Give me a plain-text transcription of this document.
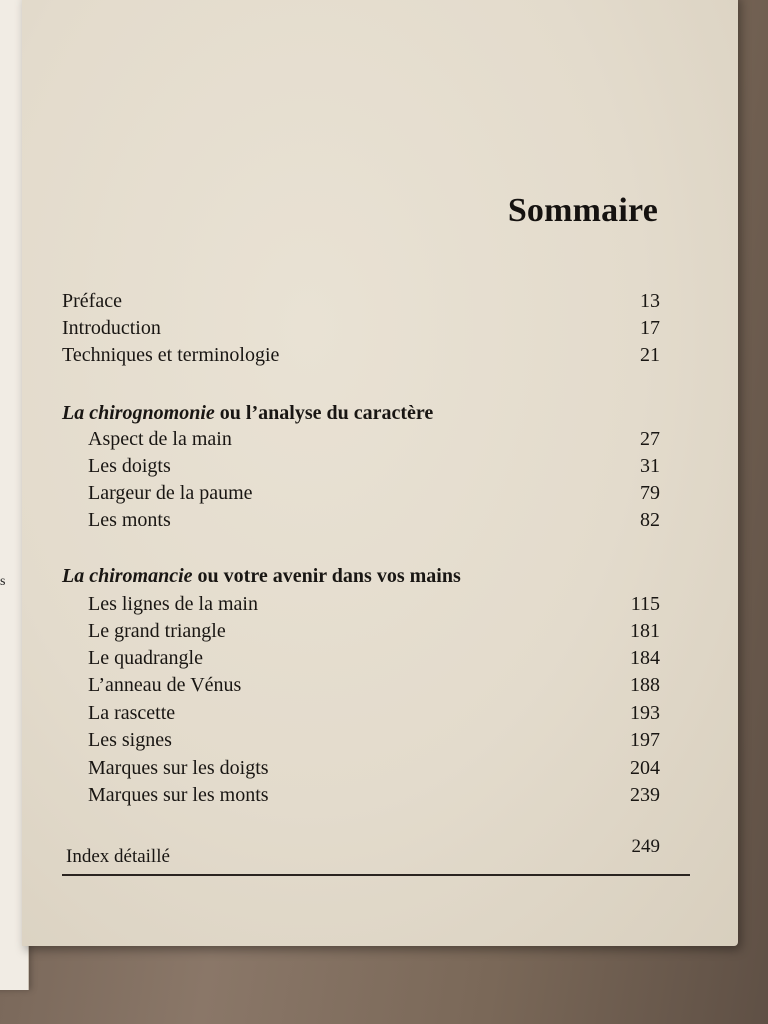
s
Sommaire
Préface	13
Introduction	17
Techniques et terminologie	21
La chirognomonie ou l’analyse du caractère
Aspect de la main	27
Les doigts	31
Largeur de la paume	79
Les monts	82
La chiromancie ou votre avenir dans vos mains
Les lignes de la main	115
Le grand triangle	181
Le quadrangle	184
L’anneau de Vénus	188
La rascette	193
Les signes	197
Marques sur les doigts	204
Marques sur les monts	239
Index détaillé	249
